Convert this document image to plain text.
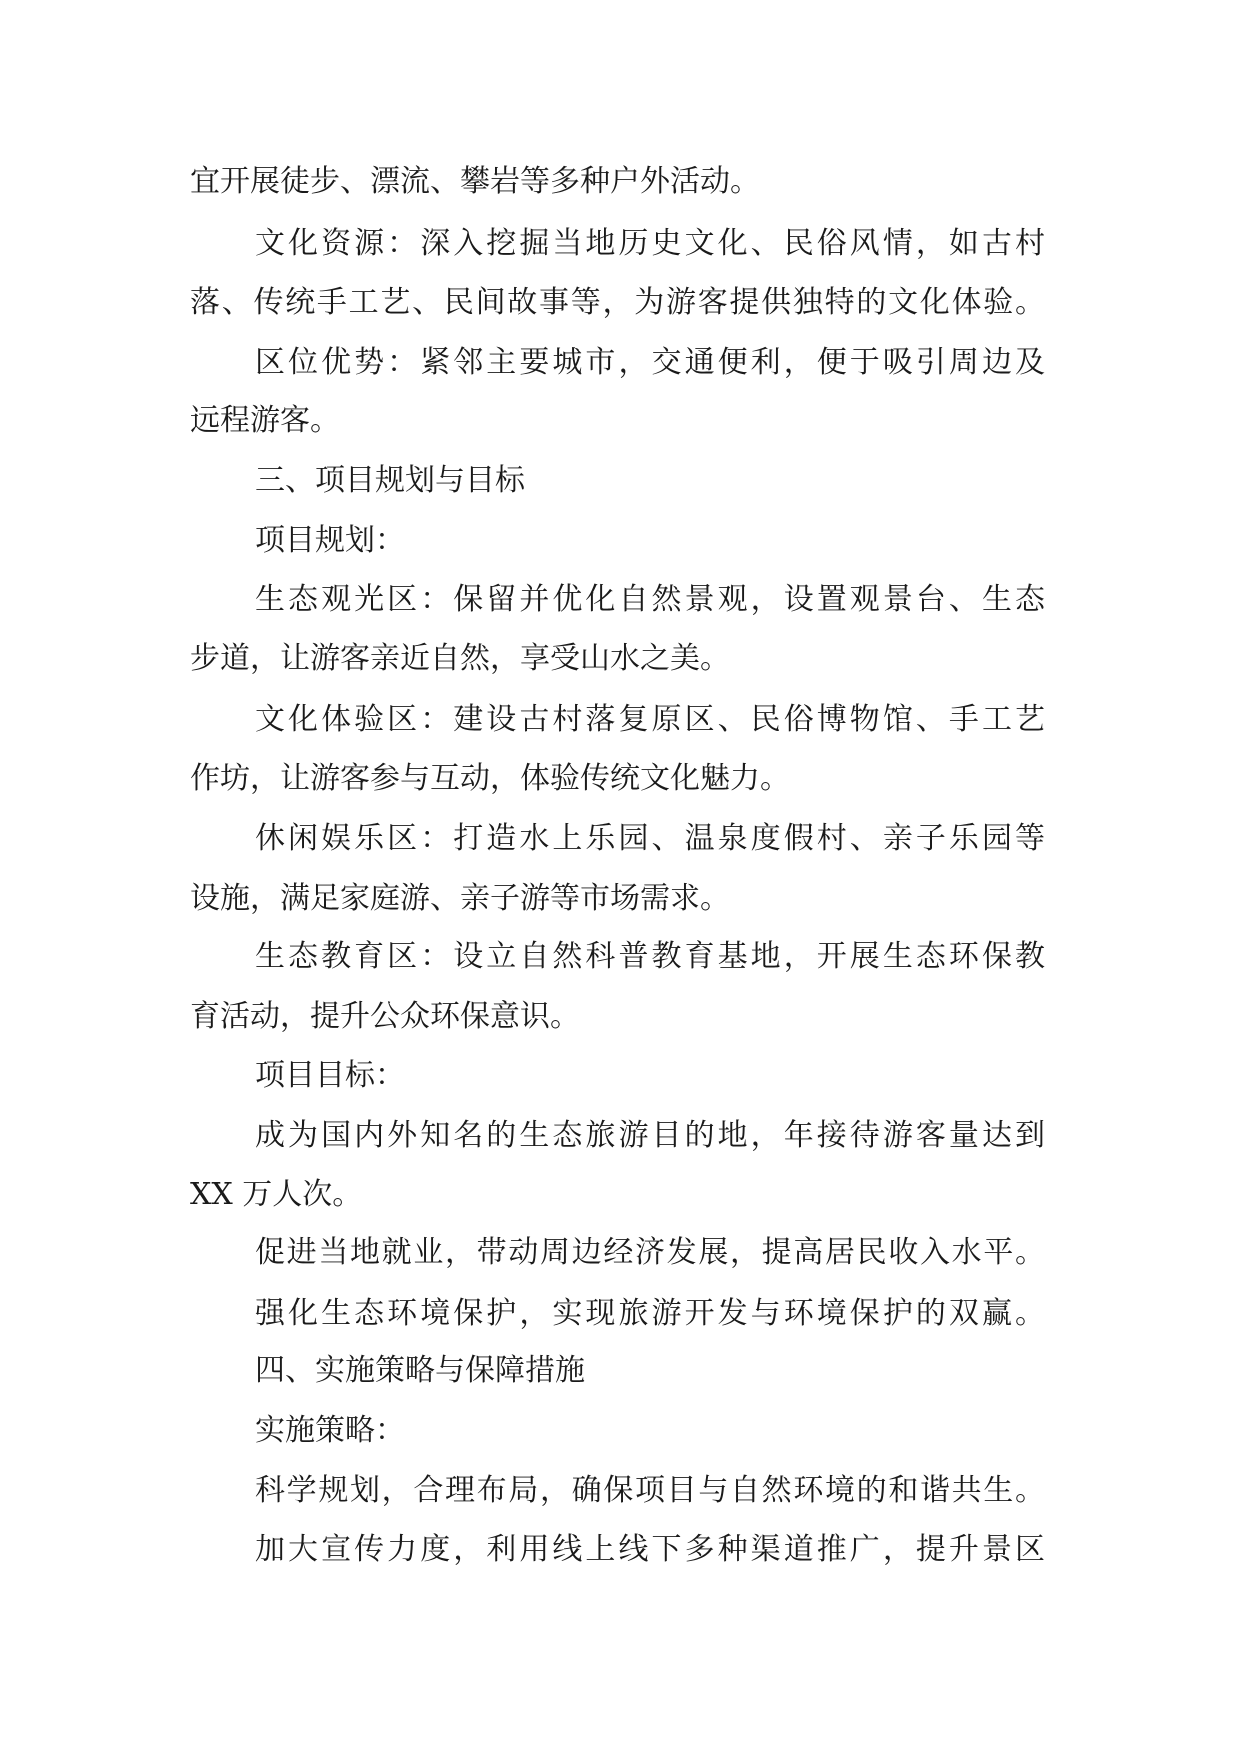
宜开展徒步、漂流、攀岩等多种户外活动。
文化资源：深入挖掘当地历史文化、民俗风情，如古村
落、传统手工艺、民间故事等，为游客提供独特的文化体验。
区位优势：紧邻主要城市，交通便利，便于吸引周边及
远程游客。
三、项目规划与目标
项目规划：
生态观光区：保留并优化自然景观，设置观景台、生态
步道，让游客亲近自然，享受山水之美。
文化体验区：建设古村落复原区、民俗博物馆、手工艺
作坊，让游客参与互动，体验传统文化魅力。
休闲娱乐区：打造水上乐园、温泉度假村、亲子乐园等
设施，满足家庭游、亲子游等市场需求。
生态教育区：设立自然科普教育基地，开展生态环保教
育活动，提升公众环保意识。
项目目标：
成为国内外知名的生态旅游目的地，年接待游客量达到
XX 万人次。
促进当地就业，带动周边经济发展，提高居民收入水平。
强化生态环境保护，实现旅游开发与环境保护的双赢。
四、实施策略与保障措施
实施策略：
科学规划，合理布局，确保项目与自然环境的和谐共生。
加大宣传力度，利用线上线下多种渠道推广，提升景区
